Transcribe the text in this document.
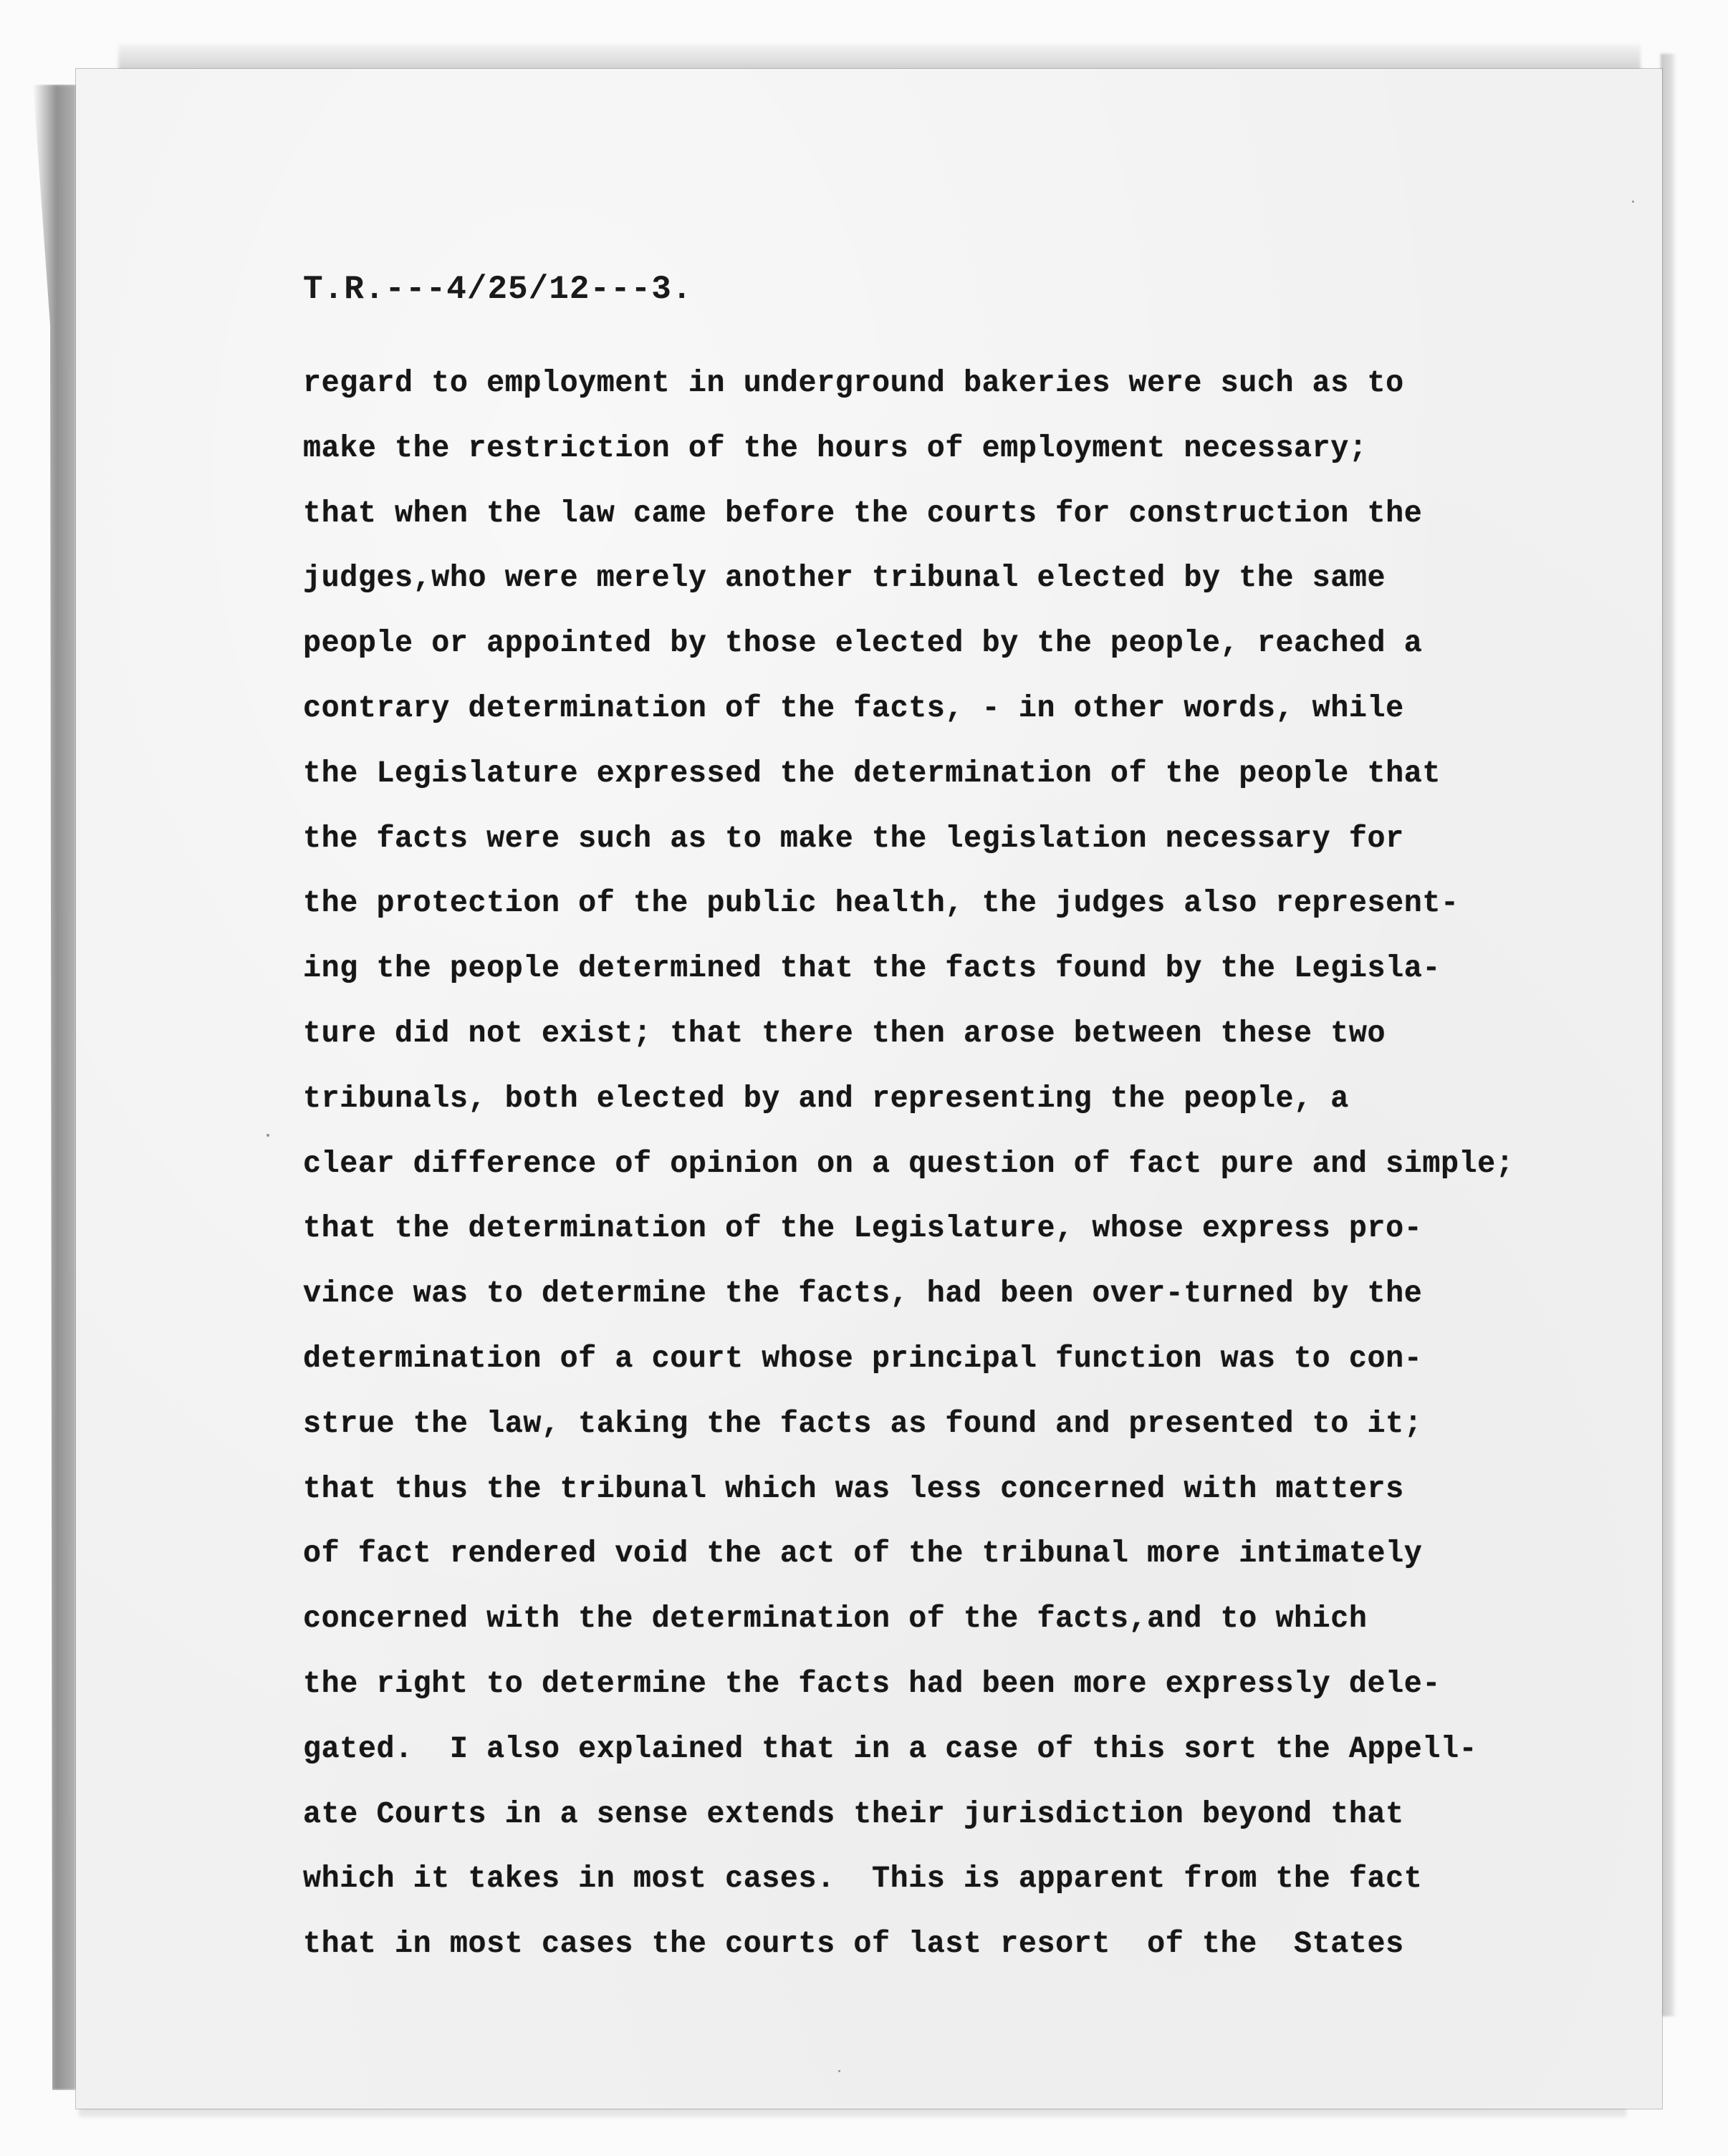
T.R.---4/25/12---3.
regard to employment in underground bakeries were such as to
make the restriction of the hours of employment necessary;
that when the law came before the courts for construction the
judges,who were merely another tribunal elected by the same
people or appointed by those elected by the people, reached a
contrary determination of the facts, - in other words, while
the Legislature expressed the determination of the people that
the facts were such as to make the legislation necessary for
the protection of the public health, the judges also represent-
ing the people determined that the facts found by the Legisla-
ture did not exist; that there then arose between these two
tribunals, both elected by and representing the people, a
clear difference of opinion on a question of fact pure and simple;
that the determination of the Legislature, whose express pro-
vince was to determine the facts, had been over-turned by the
determination of a court whose principal function was to con-
strue the law, taking the facts as found and presented to it;
that thus the tribunal which was less concerned with matters
of fact rendered void the act of the tribunal more intimately
concerned with the determination of the facts,and to which
the right to determine the facts had been more expressly dele-
gated.  I also explained that in a case of this sort the Appell-
ate Courts in a sense extends their jurisdiction beyond that
which it takes in most cases.  This is apparent from the fact
that in most cases the courts of last resort  of the  States
